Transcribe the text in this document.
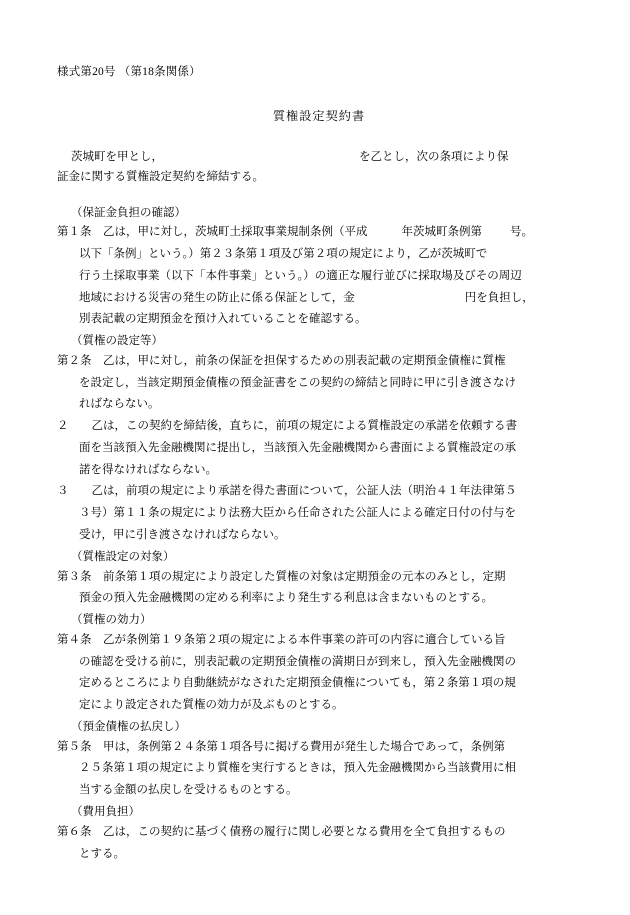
様式第20号 （第18条関係）
質権設定契約書
茨城町を甲とし，	を乙とし，次の条項により保
証金に関する質権設定契約を締結する。
（保証金負担の確認）
第１条　乙は，甲に対し，茨城町土採取事業規制条例（平成	年茨城町条例第 号。
以下「条例」という。）第２３条第１項及び第２項の規定により，乙が茨城町で
行う土採取事業（以下「本件事業」という。）の適正な履行並びに採取場及びその周辺
地域における災害の発生の防止に係る保証として，金	円を負担し，
別表記載の定期預金を預け入れていることを確認する。
（質権の設定等）
第２条　乙は，甲に対し，前条の保証を担保するための別表記載の定期預金債権に質権
を設定し，当該定期預金債権の預金証書をこの契約の締結と同時に甲に引き渡さなけ
ればならない。
２　　乙は，この契約を締結後，直ちに，前項の規定による質権設定の承諾を依頼する書
面を当該預入先金融機関に提出し，当該預入先金融機関から書面による質権設定の承
諾を得なければならない。
３　　乙は，前項の規定により承諾を得た書面について，公証人法（明治４１年法律第５
３号）第１１条の規定により法務大臣から任命された公証人による確定日付の付与を
受け，甲に引き渡さなければならない。
（質権設定の対象）
第３条　前条第１項の規定により設定した質権の対象は定期預金の元本のみとし，定期
預金の預入先金融機関の定める利率により発生する利息は含まないものとする。
（質権の効力）
第４条　乙が条例第１９条第２項の規定による本件事業の許可の内容に適合している旨
の確認を受ける前に，別表記載の定期預金債権の満期日が到来し，預入先金融機関の
定めるところにより自動継続がなされた定期預金債権についても，第２条第１項の規
定により設定された質権の効力が及ぶものとする。
（預金債権の払戻し）
第５条　甲は，条例第２４条第１項各号に掲げる費用が発生した場合であって，条例第
２５条第１項の規定により質権を実行するときは，預入先金融機関から当該費用に相
当する金額の払戻しを受けるものとする。
（費用負担）
第６条　乙は，この契約に基づく債務の履行に関し必要となる費用を全て負担するもの
とする。
